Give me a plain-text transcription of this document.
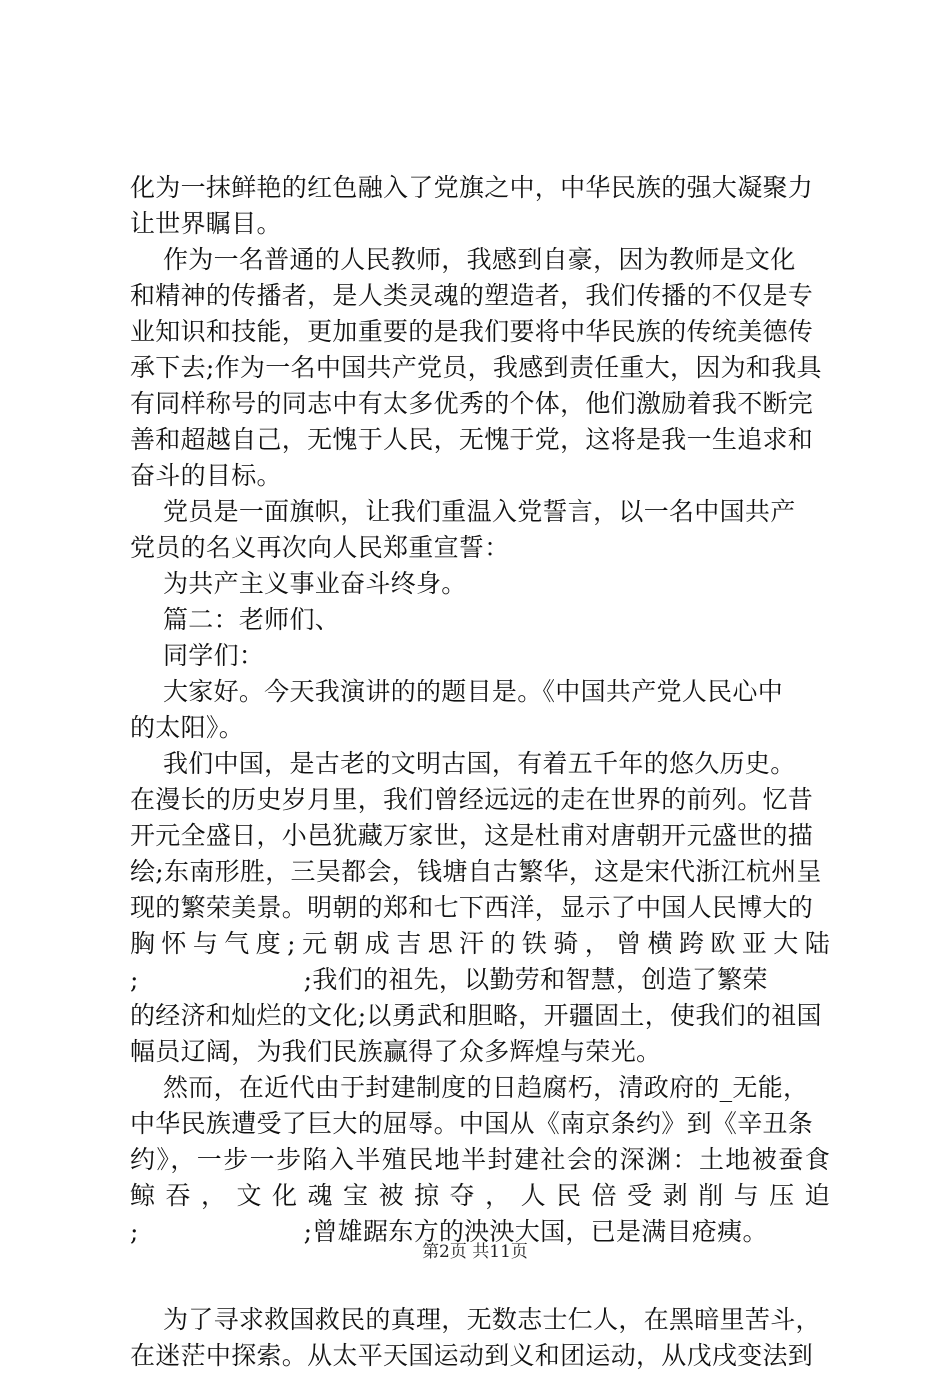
化为一抹鲜艳的红色融入了党旗之中，中华民族的强大凝聚力
让世界瞩目。
作为一名普通的人民教师，我感到自豪，因为教师是文化
和精神的传播者，是人类灵魂的塑造者，我们传播的不仅是专
业知识和技能，更加重要的是我们要将中华民族的传统美德传
承下去;作为一名中国共产党员，我感到责任重大，因为和我具
有同样称号的同志中有太多优秀的个体，他们激励着我不断完
善和超越自己，无愧于人民，无愧于党，这将是我一生追求和
奋斗的目标。
党员是一面旗帜，让我们重温入党誓言，以一名中国共产
党员的名义再次向人民郑重宣誓：
为共产主义事业奋斗终身。
篇二：老师们、
同学们：
大家好。今天我演讲的的题目是。《中国共产党人民心中
的太阳》。
我们中国，是古老的文明古国，有着五千年的悠久历史。
在漫长的历史岁月里，我们曾经远远的走在世界的前列。忆昔
开元全盛日，小邑犹藏万家世，这是杜甫对唐朝开元盛世的描
绘;东南形胜，三吴都会，钱塘自古繁华，这是宋代浙江杭州呈
现的繁荣美景。明朝的郑和七下西洋，显示了中国人民博大的
胸怀与气度;元朝成吉思汗的铁骑，曾横跨欧亚大陆
;                    ;我们的祖先，以勤劳和智慧，创造了繁荣
的经济和灿烂的文化;以勇武和胆略，开疆固土，使我们的祖国
幅员辽阔，为我们民族赢得了众多辉煌与荣光。
然而，在近代由于封建制度的日趋腐朽，清政府的_无能，
中华民族遭受了巨大的屈辱。中国从《南京条约》到《辛丑条
约》，一步一步陷入半殖民地半封建社会的深渊：土地被蚕食
鲸吞，文化魂宝被掠夺，人民倍受剥削与压迫
;                    ;曾雄踞东方的泱泱大国，已是满目疮痍。
为了寻求救国救民的真理，无数志士仁人，在黑暗里苦斗，
在迷茫中探索。从太平天国运动到义和团运动，从戊戌变法到
第2页 共11页
